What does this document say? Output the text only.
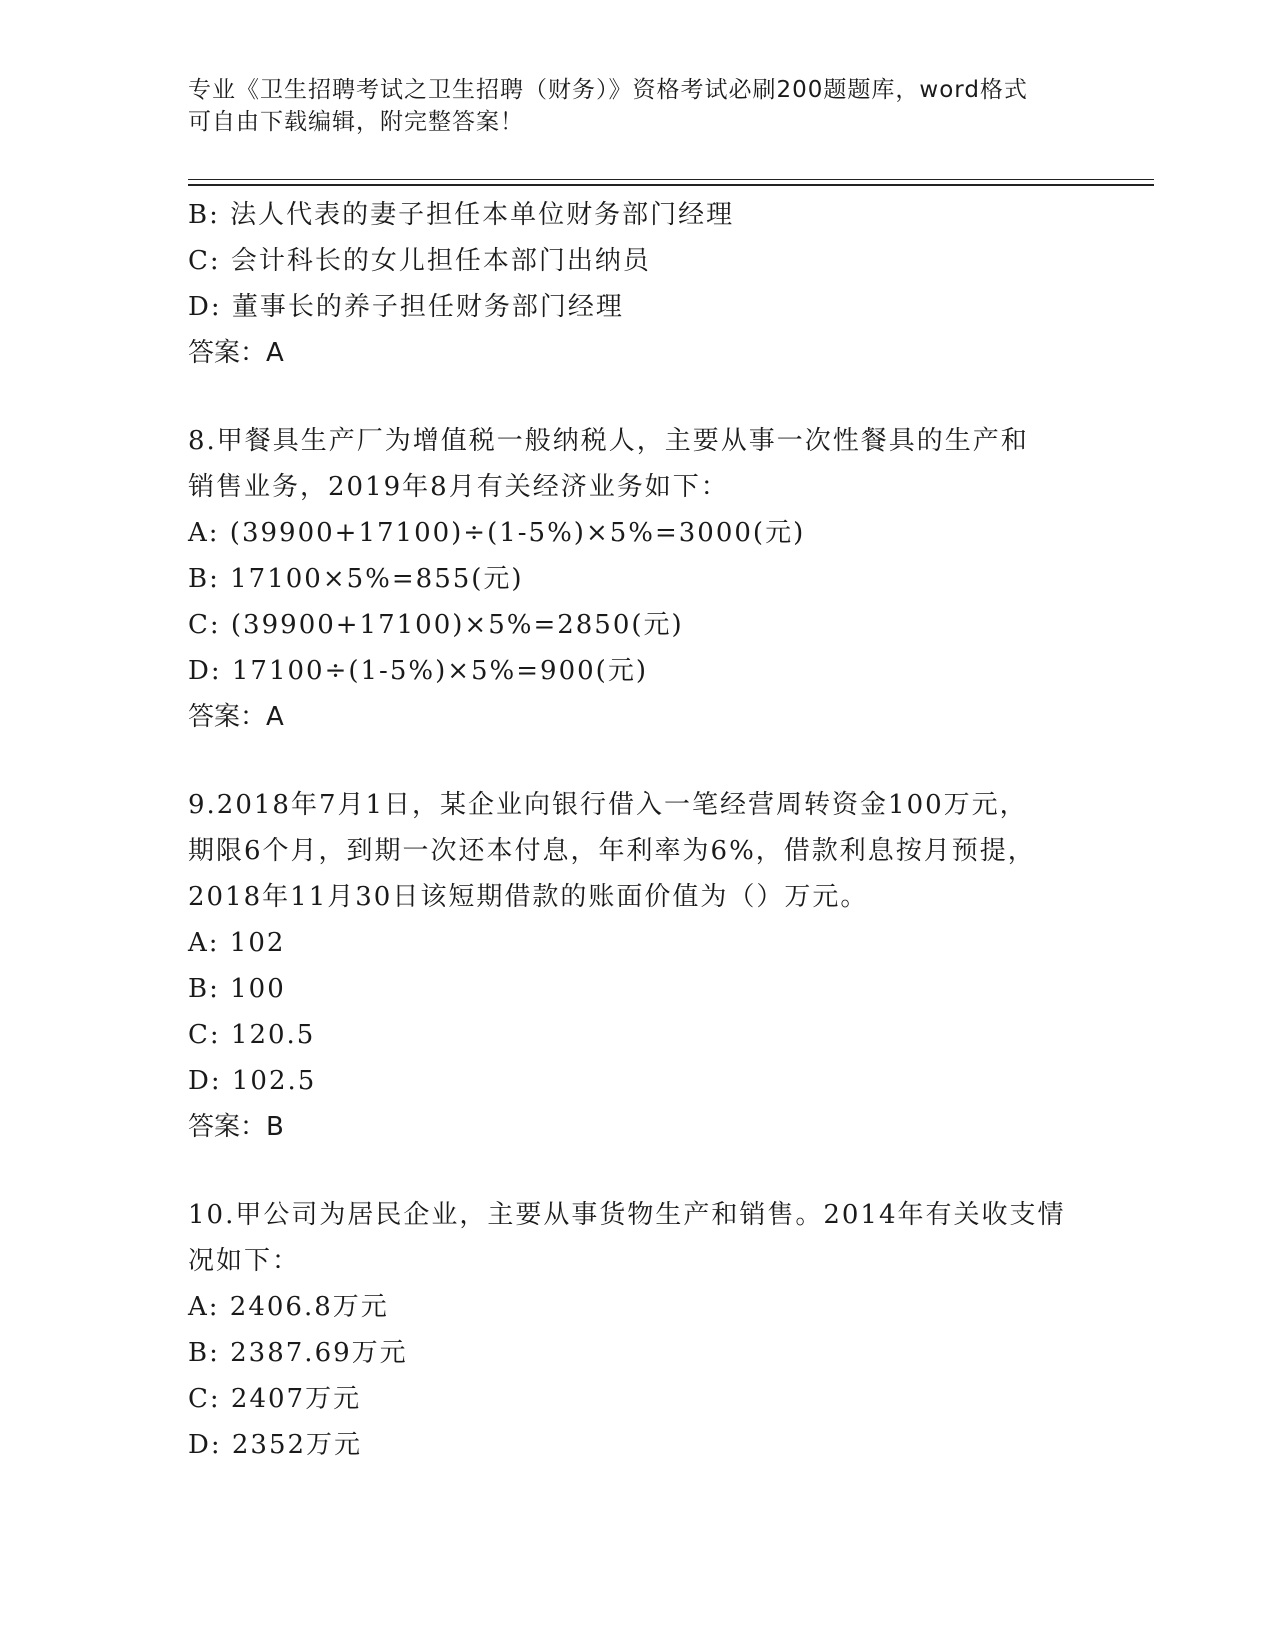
专业《卫生招聘考试之卫生招聘（财务）》资格考试必刷200题题库，word格式
可自由下载编辑，附完整答案！
B: 法人代表的妻子担任本单位财务部门经理
C: 会计科长的女儿担任本部门出纳员
D: 董事长的养子担任财务部门经理
答案：A
8.甲餐具生产厂为增值税一般纳税人，主要从事一次性餐具的生产和
销售业务，2019年8月有关经济业务如下：
A: (39900+17100)÷(1-5%)×5%=3000(元)
B: 17100×5%=855(元)
C: (39900+17100)×5%=2850(元)
D: 17100÷(1-5%)×5%=900(元)
答案：A
9.2018年7月1日，某企业向银行借入一笔经营周转资金100万元，
期限6个月，到期一次还本付息，年利率为6%，借款利息按月预提，
2018年11月30日该短期借款的账面价值为（）万元。
A: 102
B: 100
C: 120.5
D: 102.5
答案：B
10.甲公司为居民企业，主要从事货物生产和销售。2014年有关收支情
况如下：
A: 2406.8万元
B: 2387.69万元
C: 2407万元
D: 2352万元
